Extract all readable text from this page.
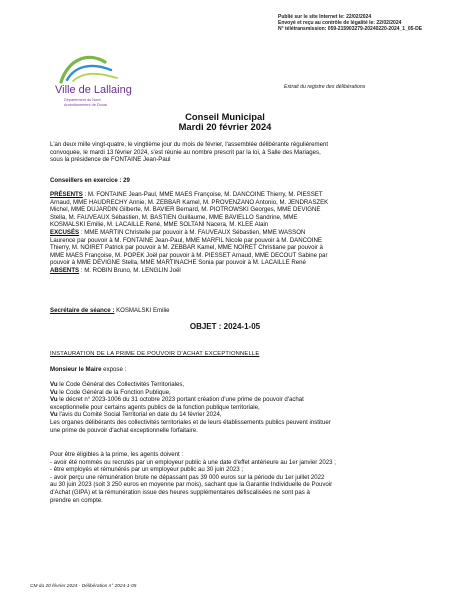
Publié sur le site Internet le: 22/02/2024
Envoyé et reçu au contrôle de légalité le: 22/02/2024
N° télétransmission: 059-215903279-20240220-2024_1_05-DE
Ville de Lallaing
Département du Nord
Arrondissement de Douai
Extrait du registre des délibérations
Conseil Municipal
Mardi 20 février 2024
L'an deux mille vingt-quatre, le vingtième jour du mois de février, l'assemblée délibérante régulièrement
convoquée, le mardi 13 février 2024, s'est réunie au nombre prescrit par la loi, à Salle des Mariages,
sous la présidence de FONTAINE Jean-Paul
Conseillers en exercice : 29
PRÉSENTS : M. FONTAINE Jean-Paul, MME MAES Françoise, M. DANCOINE Thierry, M. PIESSET
Arnaud, MME HAUDRECHY Annie, M. ZEBBAR Kamel, M. PROVENZANO Antonio, M. JENDRASZEK
Michel, MME DUJARDIN Gilberte, M. BAVIER Bernard, M. PIOTROWSKI Georges, MME DEVIGNE
Stella, M. FAUVEAUX Sébastien, M. BASTIEN Guillaume, MME BAVIELLO Sandrine, MME
KOSMALSKI Emilie, M. LACAILLE René, MME SOLTANI Nacera, M. KLEE Alain
EXCUSÉS : MME MARTIN Christelle par pouvoir à M. FAUVEAUX Sébastien, MME WASSON
Laurence par pouvoir à M. FONTAINE Jean-Paul, MME MARFIL Nicole par pouvoir à M. DANCOINE
Thierry, M. NOIRET Patrick par pouvoir à M. ZEBBAR Kamel, MME NOIRET Christiane par pouvoir à
MME MAES Françoise, M. POPEK Joël par pouvoir à M. PIESSET Arnaud, MME DECOUT Sabine par
pouvoir à MME DEVIGNE Stella, MME MARTINACHE Sonia par pouvoir à M. LACAILLE René
ABSENTS : M. ROBIN Bruno, M. LENGLIN Joël
Secrétaire de séance : KOSMALSKI Emilie
OBJET : 2024-1-05
INSTAURATION DE LA PRIME DE POUVOIR D'ACHAT EXCEPTIONNELLE
Monsieur le Maire expose :
Vu le Code Général des Collectivités Territoriales,
Vu le Code Général de la Fonction Publique,
Vu le décret n° 2023-1006 du 31 octobre 2023 portant création d'une prime de pouvoir d'achat
exceptionnelle pour certains agents publics de la fonction publique territoriale,
Vu l'avis du Comité Social Territorial en date du 14 février 2024,
Les organes délibérants des collectivités territoriales et de leurs établissements publics peuvent instituer
une prime de pouvoir d'achat exceptionnelle forfaitaire.
Pour être éligibles à la prime, les agents doivent :
- avoir été nommés ou recrutés par un employeur public à une date d'effet antérieure au 1er janvier 2023 ;
- être employés et rémunérés par un employeur public au 30 juin 2023 ;
- avoir perçu une rémunération brute ne dépassant pas 39 000 euros sur la période du 1er juillet 2022
au 30 juin 2023 (soit 3 250 euros en moyenne par mois), sachant que la Garantie Individuelle de Pouvoir
d'Achat (GIPA) et la rémunération issue des heures supplémentaires défiscalisées ne sont pas à
prendre en compte.
CM du 20 février 2024 - Délibération n° 2024-1-05
